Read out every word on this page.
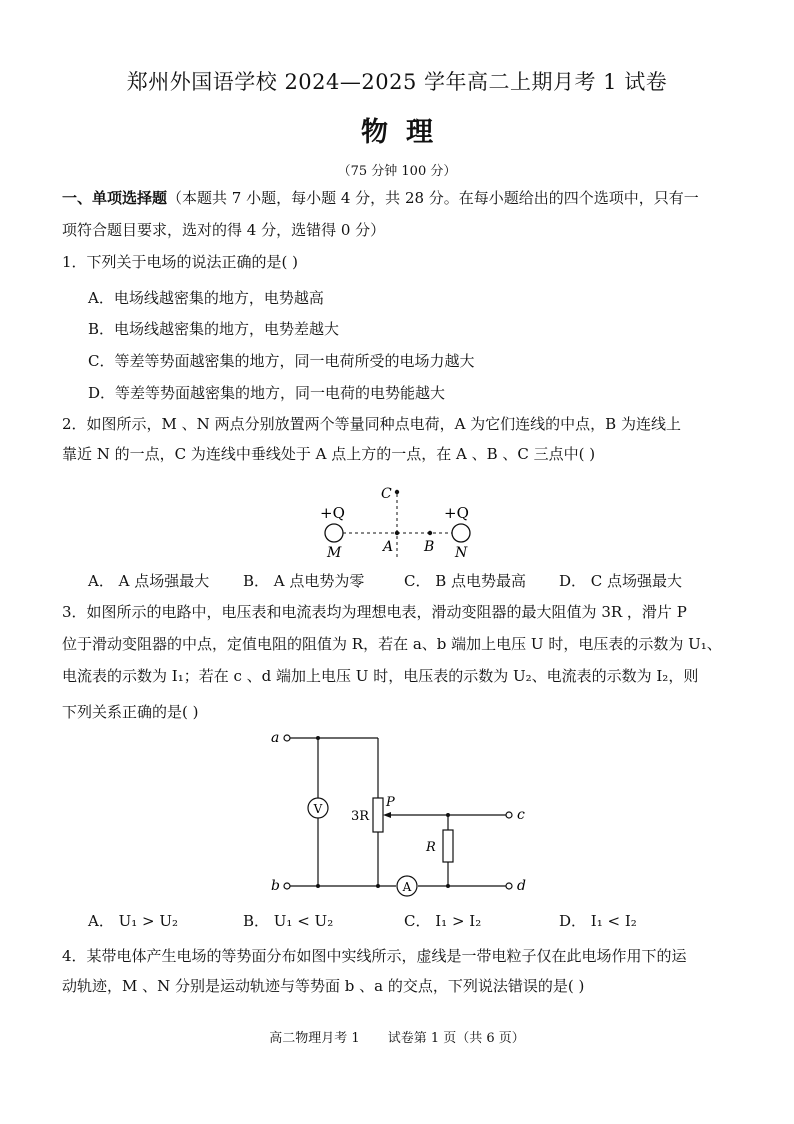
郑州外国语学校 2024—2025 学年高二上期月考 1 试卷
物理
（75 分钟 100 分）
一、单项选择题（本题共 7 小题，每小题 4 分，共 28 分。在每小题给出的四个选项中，只有一
项符合题目要求，选对的得 4 分，选错得 0 分）
1．下列关于电场的说法正确的是( )
A．电场线越密集的地方，电势越高
B．电场线越密集的地方，电势差越大
C．等差等势面越密集的地方，同一电荷所受的电场力越大
D．等差等势面越密集的地方，同一电荷的电势能越大
2．如图所示，M 、N 两点分别放置两个等量同种点电荷，A 为它们连线的中点，B 为连线上
靠近 N 的一点，C 为连线中垂线处于 A 点上方的一点，在 A 、B 、C 三点中( )
+Q	+Q
C
M	A B N
A． A 点场强最大 B． A 点电势为零	C． B 点电势最高 D． C 点场强最大
3．如图所示的电路中，电压表和电流表均为理想电表，滑动变阻器的最大阻值为 3R ，滑片 P
位于滑动变阻器的中点，定值电阻的阻值为 R，若在 a、b 端加上电压 U 时，电压表的示数为 U₁、
电流表的示数为 I₁；若在 c 、d 端加上电压 U 时，电压表的示数为 U₂、电流表的示数为 I₂，则
下列关系正确的是( )
a
b
c
d
V 3R
P
R
A
A． U₁ > U₂	B． U₁ < U₂	C． I₁ > I₂	D． I₁ < I₂
4．某带电体产生电场的等势面分布如图中实线所示，虚线是一带电粒子仅在此电场作用下的运
动轨迹，M 、N 分别是运动轨迹与等势面 b 、a 的交点，下列说法错误的是( )
高二物理月考 1 试卷第 1 页（共 6 页）
